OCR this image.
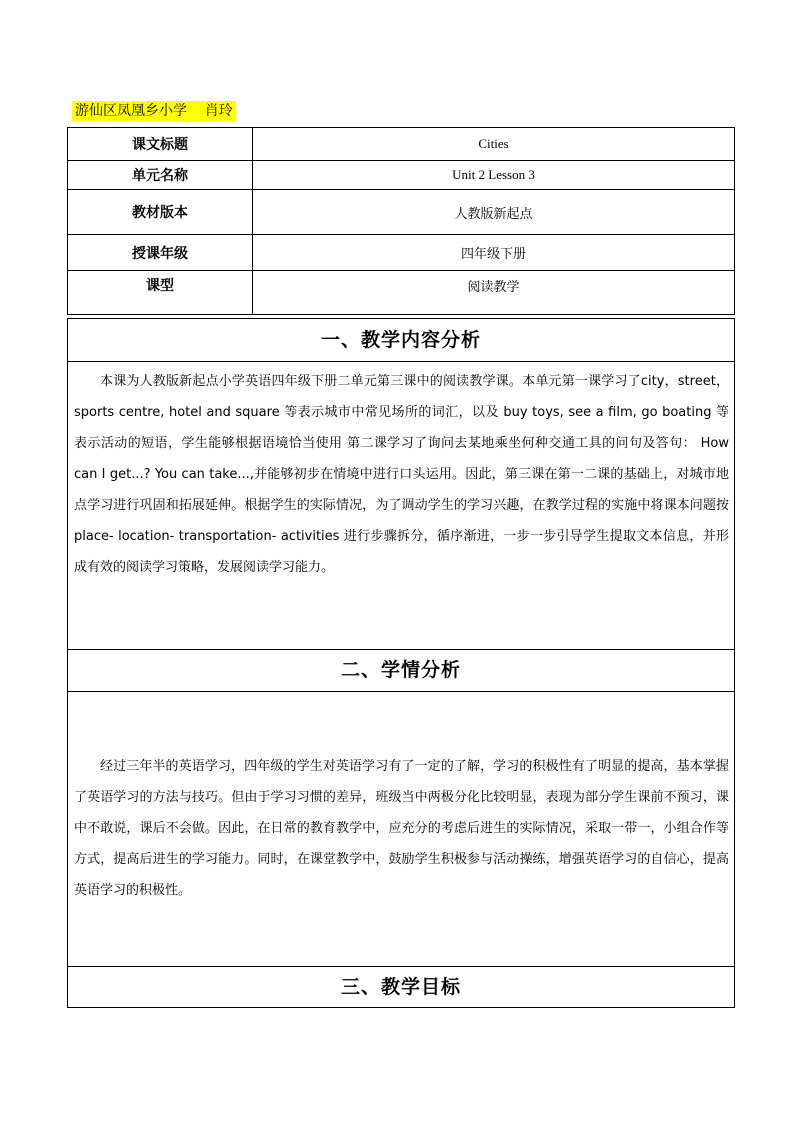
游仙区凤凰乡小学    肖玲
课文标题	Cities
单元名称	Unit 2 Lesson 3
教材版本	人教版新起点
授课年级	四年级下册
课型	阅读教学
一、教学内容分析

本课为人教版新起点小学英语四年级下册二单元第三课中的阅读教学课。本单元第一课学习了city，street，sports centre, hotel and square 等表示城市中常见场所的词汇，以及 buy toys, see a film, go boating 等表示活动的短语，学生能够根据语境恰当使用 第二课学习了询问去某地乘坐何种交通工具的问句及答句： How can I get...? You can take...,并能够初步在情境中进行口头运用。因此，第三课在第一二课的基础上，对城市地点学习进行巩固和拓展延伸。根据学生的实际情况，为了调动学生的学习兴趣，在教学过程的实施中将课本问题按place- location- transportation- activities 进行步骤拆分，循序渐进，一步一步引导学生提取文本信息，并形成有效的阅读学习策略，发展阅读学习能力。

二、学情分析

经过三年半的英语学习，四年级的学生对英语学习有了一定的了解，学习的积极性有了明显的提高，基本掌握了英语学习的方法与技巧。但由于学习习惯的差异，班级当中两极分化比较明显，表现为部分学生课前不预习，课中不敢说，课后不会做。因此，在日常的教育教学中，应充分的考虑后进生的实际情况，采取一带一，小组合作等方式，提高后进生的学习能力。同时，在课堂教学中，鼓励学生积极参与活动操练，增强英语学习的自信心，提高英语学习的积极性。

三、教学目标
